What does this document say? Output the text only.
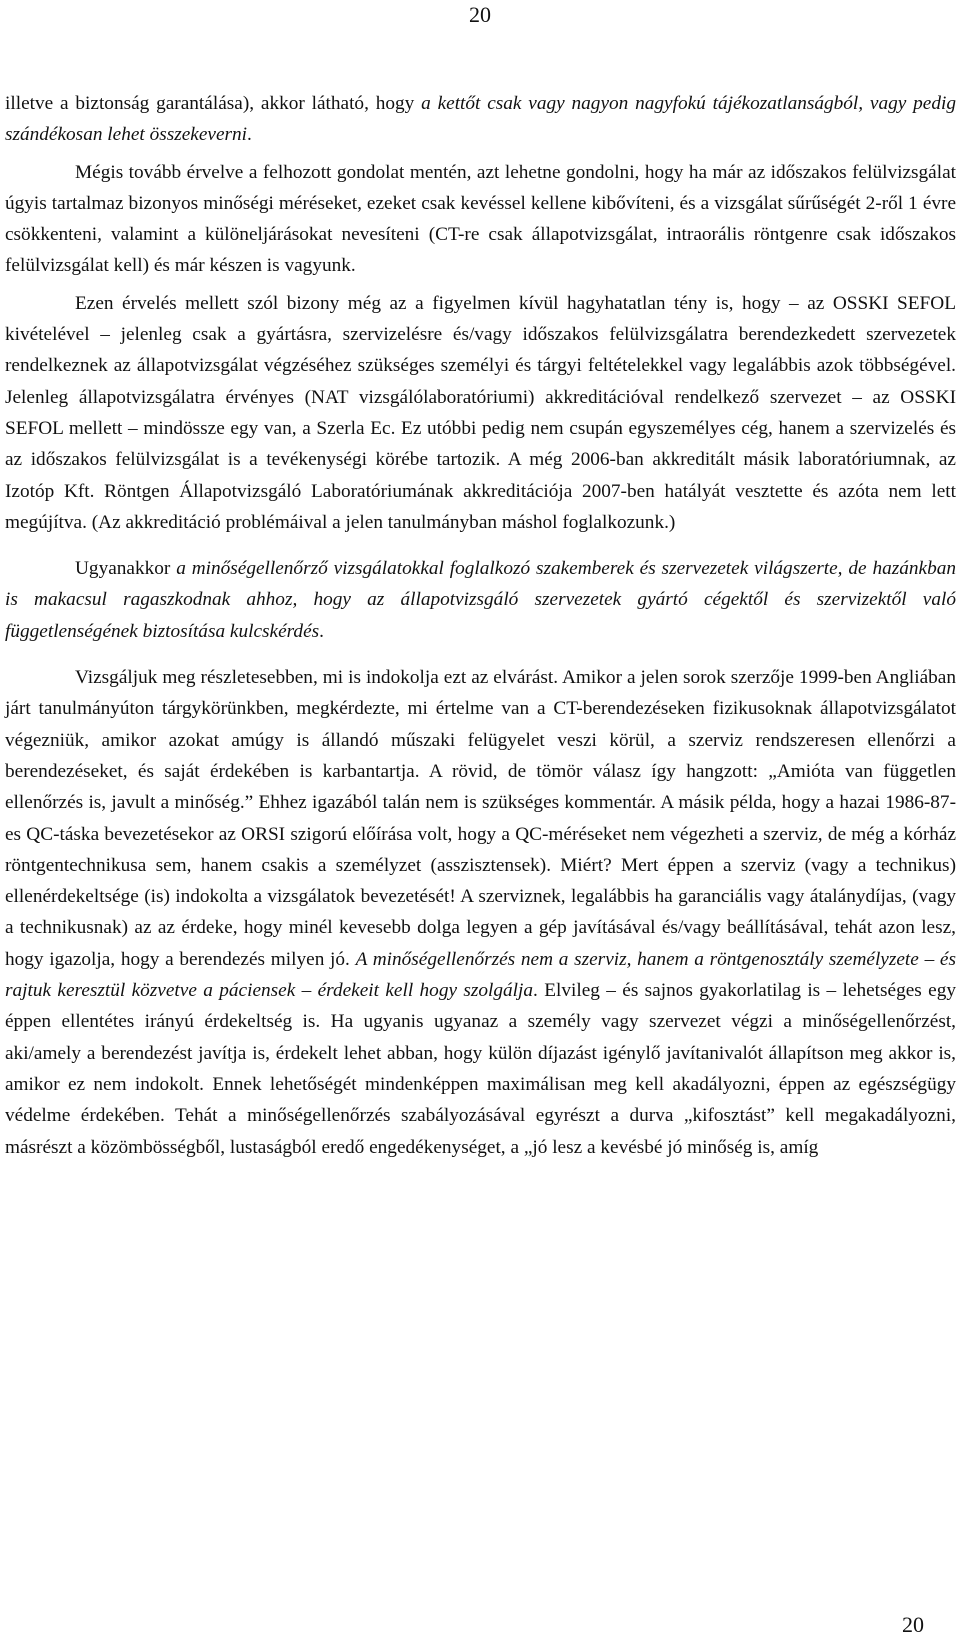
20

illetve a biztonság garantálása), akkor látható, hogy a kettőt csak vagy nagyon nagyfokú tájékozatlanságból, vagy pedig szándékosan lehet összekeverni.

Mégis tovább érvelve a felhozott gondolat mentén, azt lehetne gondolni, hogy ha már az időszakos felülvizsgálat úgyis tartalmaz bizonyos minőségi méréseket, ezeket csak kevéssel kellene kibővíteni, és a vizsgálat sűrűségét 2-ről 1 évre csökkenteni, valamint a különeljárásokat nevesíteni (CT-re csak állapotvizsgálat, intraorális röntgenre csak időszakos felülvizsgálat kell) és már készen is vagyunk.

Ezen érvelés mellett szól bizony még az a figyelmen kívül hagyhatatlan tény is, hogy – az OSSKI SEFOL kivételével – jelenleg csak a gyártásra, szervizelésre és/vagy időszakos felülvizsgálatra berendezkedett szervezetek rendelkeznek az állapotvizsgálat végzéséhez szükséges személyi és tárgyi feltételekkel vagy legalábbis azok többségével. Jelenleg állapotvizsgálatra érvényes (NAT vizsgálólaboratóriumi) akkreditációval rendelkező szervezet – az OSSKI SEFOL mellett – mindössze egy van, a Szerla Ec. Ez utóbbi pedig nem csupán egyszemélyes cég, hanem a szervizelés és az időszakos felülvizsgálat is a tevékenységi körébe tartozik. A még 2006-ban akkreditált másik laboratóriumnak, az Izotóp Kft. Röntgen Állapotvizsgáló Laboratóriumának akkreditációja 2007-ben hatályát vesztette és azóta nem lett megújítva. (Az akkreditáció problémáival a jelen tanulmányban máshol foglalkozunk.)

Ugyanakkor a minőségellenőrző vizsgálatokkal foglalkozó szakemberek és szervezetek világszerte, de hazánkban is makacsul ragaszkodnak ahhoz, hogy az állapotvizsgáló szervezetek gyártó cégektől és szervizektől való függetlenségének biztosítása kulcskérdés.

Vizsgáljuk meg részletesebben, mi is indokolja ezt az elvárást. Amikor a jelen sorok szerzője 1999-ben Angliában járt tanulmányúton tárgykörünkben, megkérdezte, mi értelme van a CT-berendezéseken fizikusoknak állapotvizsgálatot végezniük, amikor azokat amúgy is állandó műszaki felügyelet veszi körül, a szerviz rendszeresen ellenőrzi a berendezéseket, és saját érdekében is karbantartja. A rövid, de tömör válasz így hangzott: „Amióta van független ellenőrzés is, javult a minőség.” Ehhez igazából talán nem is szükséges kommentár. A másik példa, hogy a hazai 1986-87-es QC-táska bevezetésekor az ORSI szigorú előírása volt, hogy a QC-méréseket nem végezheti a szerviz, de még a kórház röntgentechnikusa sem, hanem csakis a személyzet (asszisztensek). Miért? Mert éppen a szerviz (vagy a technikus) ellenérdekeltsége (is) indokolta a vizsgálatok bevezetését! A szerviznek, legalábbis ha garanciális vagy átalánydíjas, (vagy a technikusnak) az az érdeke, hogy minél kevesebb dolga legyen a gép javításával és/vagy beállításával, tehát azon lesz, hogy igazolja, hogy a berendezés milyen jó. A minőségellenőrzés nem a szerviz, hanem a röntgenosztály személyzete – és rajtuk keresztül közvetve a páciensek – érdekeit kell hogy szolgálja. Elvileg – és sajnos gyakorlatilag is – lehetséges egy éppen ellentétes irányú érdekeltség is. Ha ugyanis ugyanaz a személy vagy szervezet végzi a minőségellenőrzést, aki/amely a berendezést javítja is, érdekelt lehet abban, hogy külön díjazást igénylő javítanivalót állapítson meg akkor is, amikor ez nem indokolt. Ennek lehetőségét mindenképpen maximálisan meg kell akadályozni, éppen az egészségügy védelme érdekében. Tehát a minőségellenőrzés szabályozásával egyrészt a durva „kifosztást” kell megakadályozni, másrészt a közömbösségből, lustaságból eredő engedékenységet, a „jó lesz a kevésbé jó minőség is, amíg

20
